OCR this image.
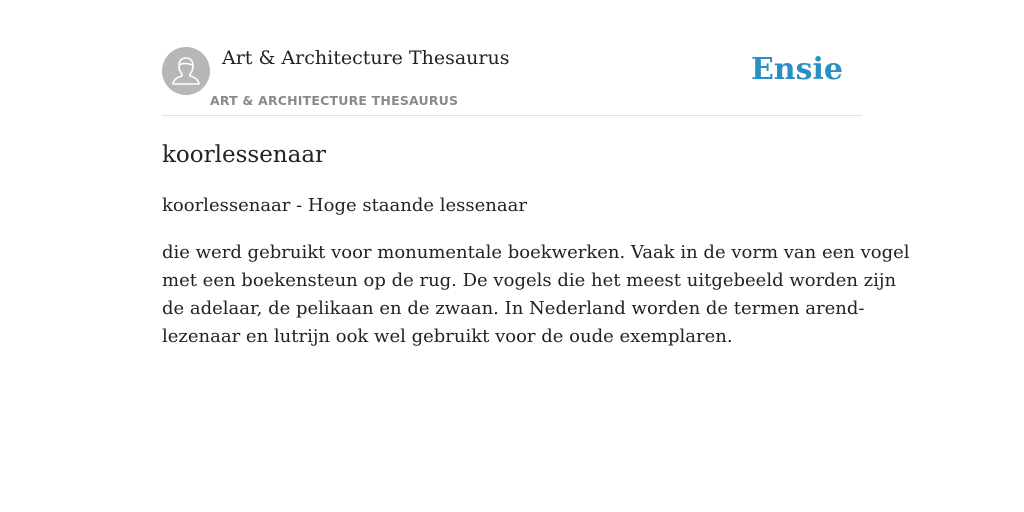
Art & Architecture Thesaurus
ART & ARCHITECTURE THESAURUS
Ensie
koorlessenaar

koorlessenaar - Hoge staande lessenaar

die werd gebruikt voor monumentale boekwerken. Vaak in de vorm van een vogel
met een boekensteun op de rug. De vogels die het meest uitgebeeld worden zijn
de adelaar, de pelikaan en de zwaan. In Nederland worden de termen arend-
lezenaar en lutrijn ook wel gebruikt voor de oude exemplaren.
